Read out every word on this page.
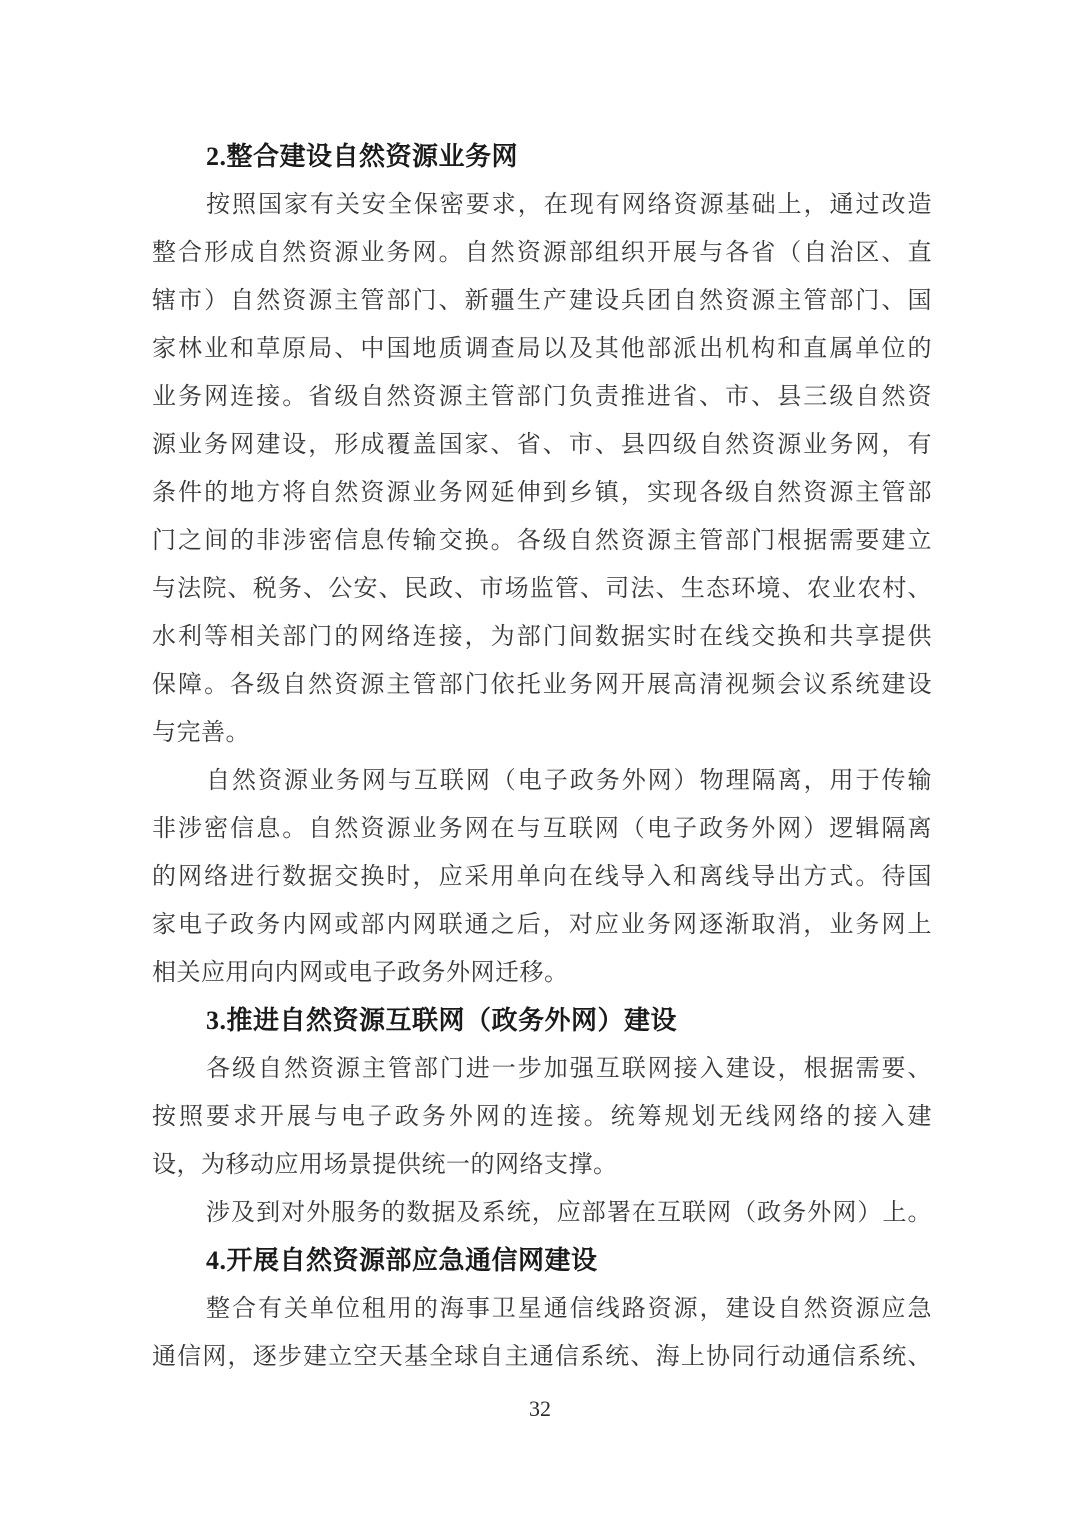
2.整合建设自然资源业务网
按照国家有关安全保密要求，在现有网络资源基础上，通过改造
整合形成自然资源业务网。自然资源部组织开展与各省（自治区、直
辖市）自然资源主管部门、新疆生产建设兵团自然资源主管部门、国
家林业和草原局、中国地质调查局以及其他部派出机构和直属单位的
业务网连接。省级自然资源主管部门负责推进省、市、县三级自然资
源业务网建设，形成覆盖国家、省、市、县四级自然资源业务网，有
条件的地方将自然资源业务网延伸到乡镇，实现各级自然资源主管部
门之间的非涉密信息传输交换。各级自然资源主管部门根据需要建立
与法院、税务、公安、民政、市场监管、司法、生态环境、农业农村、
水利等相关部门的网络连接，为部门间数据实时在线交换和共享提供
保障。各级自然资源主管部门依托业务网开展高清视频会议系统建设
与完善。
自然资源业务网与互联网（电子政务外网）物理隔离，用于传输
非涉密信息。自然资源业务网在与互联网（电子政务外网）逻辑隔离
的网络进行数据交换时，应采用单向在线导入和离线导出方式。待国
家电子政务内网或部内网联通之后，对应业务网逐渐取消，业务网上
相关应用向内网或电子政务外网迁移。
3.推进自然资源互联网（政务外网）建设
各级自然资源主管部门进一步加强互联网接入建设，根据需要、
按照要求开展与电子政务外网的连接。统筹规划无线网络的接入建
设，为移动应用场景提供统一的网络支撑。
涉及到对外服务的数据及系统，应部署在互联网（政务外网）上。
4.开展自然资源部应急通信网建设
整合有关单位租用的海事卫星通信线路资源，建设自然资源应急
通信网，逐步建立空天基全球自主通信系统、海上协同行动通信系统、
32
